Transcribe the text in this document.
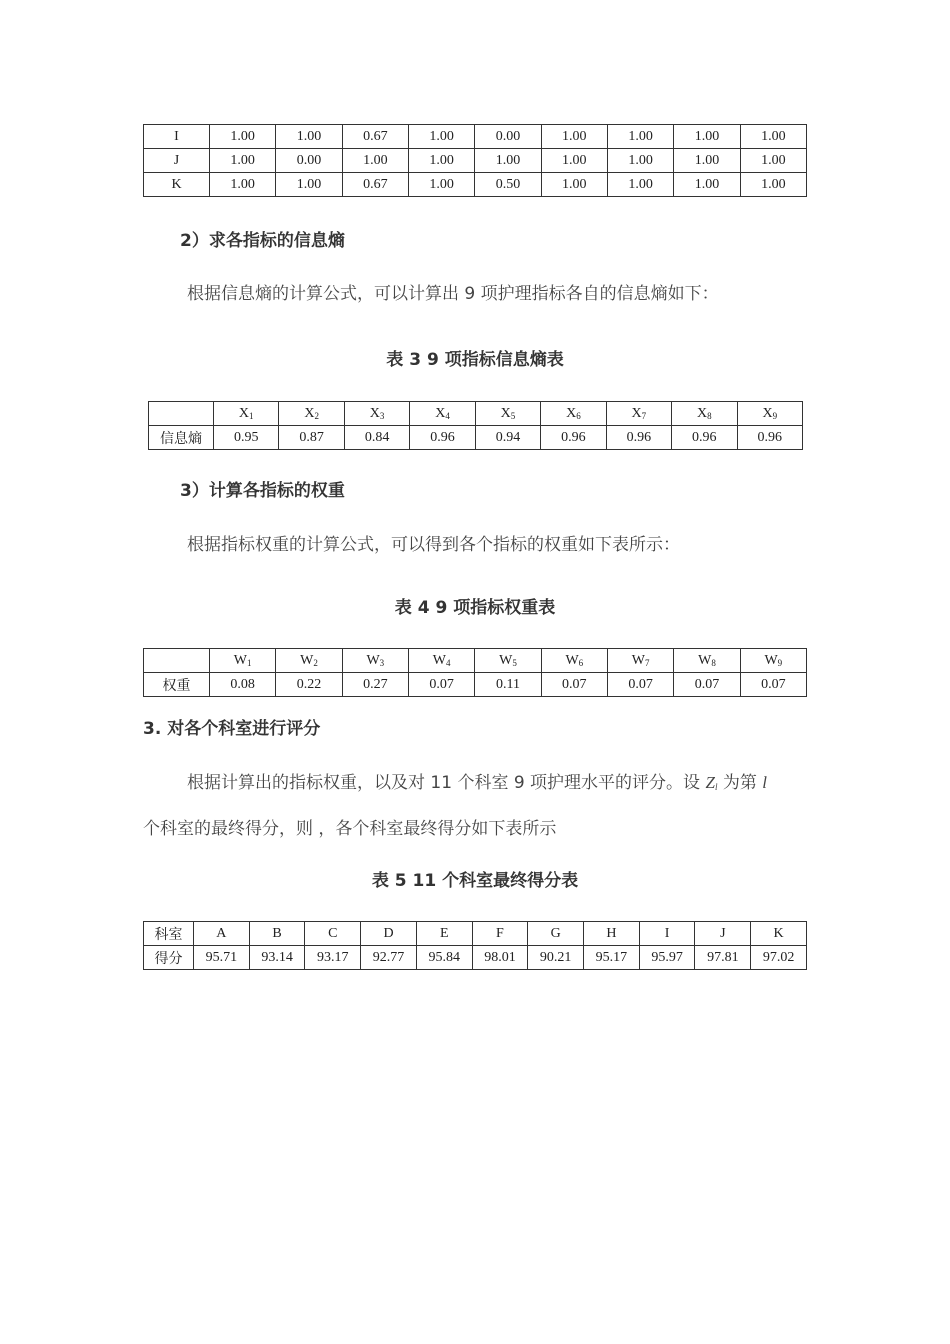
I	1.00	1.00	0.67	1.00	0.00	1.00	1.00	1.00	1.00
J	1.00	0.00	1.00	1.00	1.00	1.00	1.00	1.00	1.00
K	1.00	1.00	0.67	1.00	0.50	1.00	1.00	1.00	1.00
2）求各指标的信息熵
根据信息熵的计算公式，可以计算出 9 项护理指标各自的信息熵如下：
表 3 9 项指标信息熵表
	$X_1$	$X_2$	$X_3$	$X_4$	$X_5$	$X_6$	$X_7$	$X_8$	$X_9$
信息熵	0.95	0.87	0.84	0.96	0.94	0.96	0.96	0.96	0.96
3）计算各指标的权重
根据指标权重的计算公式，可以得到各个指标的权重如下表所示：
表 4 9 项指标权重表
	$W_1$	$W_2$	$W_3$	$W_4$	$W_5$	$W_6$	$W_7$	$W_8$	$W_9$
权重	0.08	0.22	0.27	0.07	0.11	0.07	0.07	0.07	0.07
3. 对各个科室进行评分
根据计算出的指标权重，以及对 11 个科室 9 项护理水平的评分。设 $Z_l$ 为第 l
个科室的最终得分，则 ，各个科室最终得分如下表所示
表 5 11 个科室最终得分表
科室	A	B	C	D	E	F	G	H	I	J	K
得分	95.71	93.14	93.17	92.77	95.84	98.01	90.21	95.17	95.97	97.81	97.02
